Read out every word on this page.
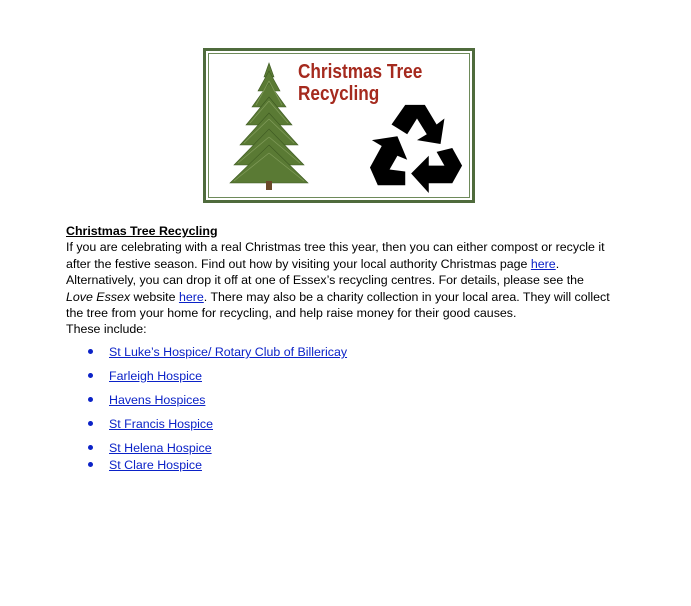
Christmas Tree
Recycling
Christmas Tree Recycling
If you are celebrating with a real Christmas tree this year, then you can either compost or recycle it after the festive season. Find out how by visiting your local authority Christmas page here. Alternatively, you can drop it off at one of Essex’s recycling centres. For details, please see the Love Essex website here. There may also be a charity collection in your local area. They will collect the tree from your home for recycling, and help raise money for their good causes.
These include:
St Luke’s Hospice/ Rotary Club of Billericay
Farleigh Hospice
Havens Hospices
St Francis Hospice
St Helena Hospice
St Clare Hospice
